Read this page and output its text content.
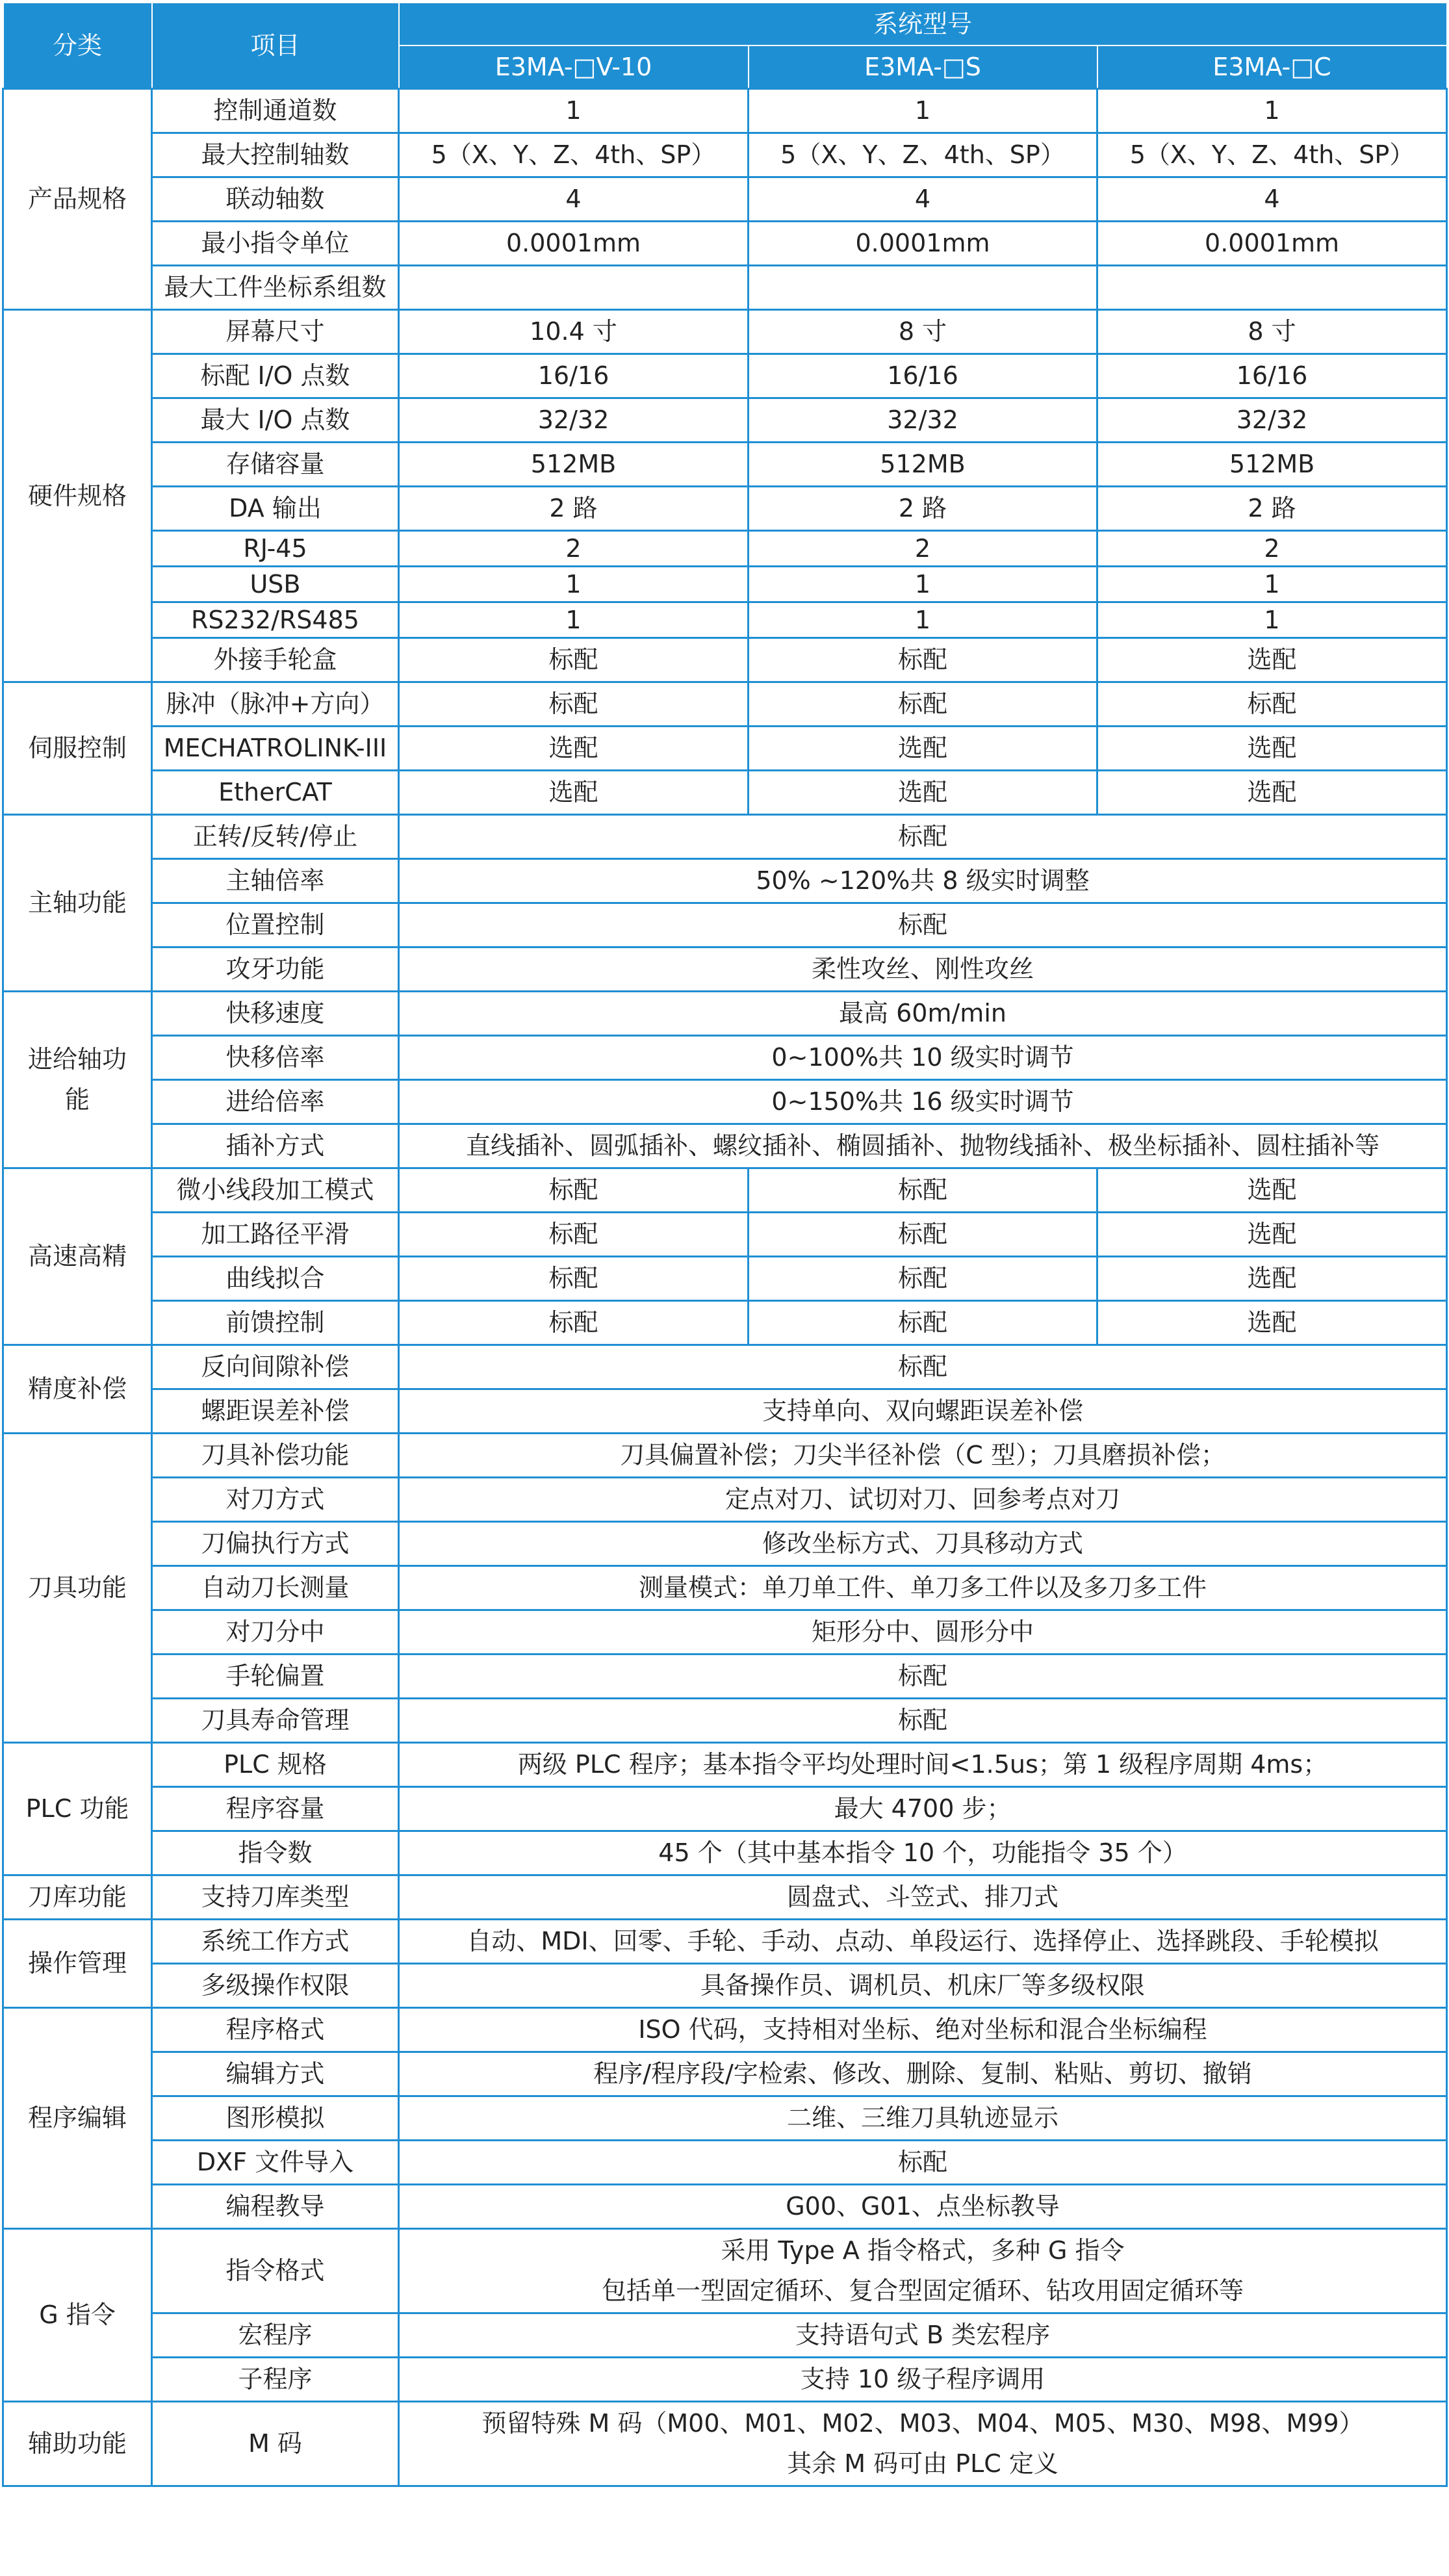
分类	项目	系统型号		
		E3MA-□V-10	E3MA-□S	E3MA-□C
产品规格	控制通道数	1	1	1
	最大控制轴数	5（X、Y、Z、4th、SP）	5（X、Y、Z、4th、SP）	5（X、Y、Z、4th、SP）
	联动轴数	4	4	4
	最小指令单位	0.0001mm	0.0001mm	0.0001mm
	最大工件坐标系组数			
硬件规格	屏幕尺寸	10.4 寸	8 寸	8 寸
	标配 I/O 点数	16/16	16/16	16/16
	最大 I/O 点数	32/32	32/32	32/32
	存储容量	512MB	512MB	512MB
	DA 输出	2 路	2 路	2 路
	RJ-45	2	2	2
	USB	1	1	1
	RS232/RS485	1	1	1
	外接手轮盒	标配	标配	选配
伺服控制	脉冲（脉冲+方向）	标配	标配	标配
	MECHATROLINK-III	选配	选配	选配
	EtherCAT	选配	选配	选配
主轴功能	正转/反转/停止	标配		
	主轴倍率	50% ~120%共 8 级实时调整		
	位置控制	标配		
	攻牙功能	柔性攻丝、刚性攻丝		
进给轴功能	快移速度	最高 60m/min		
	快移倍率	0~100%共 10 级实时调节		
	进给倍率	0~150%共 16 级实时调节		
	插补方式	直线插补、圆弧插补、螺纹插补、椭圆插补、抛物线插补、极坐标插补、圆柱插补等		
高速高精	微小线段加工模式	标配	标配	选配
	加工路径平滑	标配	标配	选配
	曲线拟合	标配	标配	选配
	前馈控制	标配	标配	选配
精度补偿	反向间隙补偿	标配		
	螺距误差补偿	支持单向、双向螺距误差补偿		
刀具功能	刀具补偿功能	刀具偏置补偿；刀尖半径补偿（C 型）；刀具磨损补偿；		
	对刀方式	定点对刀、试切对刀、回参考点对刀		
	刀偏执行方式	修改坐标方式、刀具移动方式		
	自动刀长测量	测量模式：单刀单工件、单刀多工件以及多刀多工件		
	对刀分中	矩形分中、圆形分中		
	手轮偏置	标配		
	刀具寿命管理	标配		
PLC 功能	PLC 规格	两级 PLC 程序；基本指令平均处理时间<1.5us；第 1 级程序周期 4ms；		
	程序容量	最大 4700 步；		
	指令数	45 个（其中基本指令 10 个，功能指令 35 个）		
刀库功能	支持刀库类型	圆盘式、斗笠式、排刀式		
操作管理	系统工作方式	自动、MDI、回零、手轮、手动、点动、单段运行、选择停止、选择跳段、手轮模拟		
	多级操作权限	具备操作员、调机员、机床厂等多级权限		
程序编辑	程序格式	ISO 代码，支持相对坐标、绝对坐标和混合坐标编程		
	编辑方式	程序/程序段/字检索、修改、删除、复制、粘贴、剪切、撤销		
	图形模拟	二维、三维刀具轨迹显示		
	DXF 文件导入	标配		
	编程教导	G00、G01、点坐标教导		
G 指令	指令格式	采用 Type A 指令格式，多种 G 指令
包括单一型固定循环、复合型固定循环、钻攻用固定循环等		

	宏程序	支持语句式 B 类宏程序		
	子程序	支持 10 级子程序调用		
辅助功能	M 码	预留特殊 M 码（M00、M01、M02、M03、M04、M05、M30、M98、M99）
其余 M 码可由 PLC 定义		
